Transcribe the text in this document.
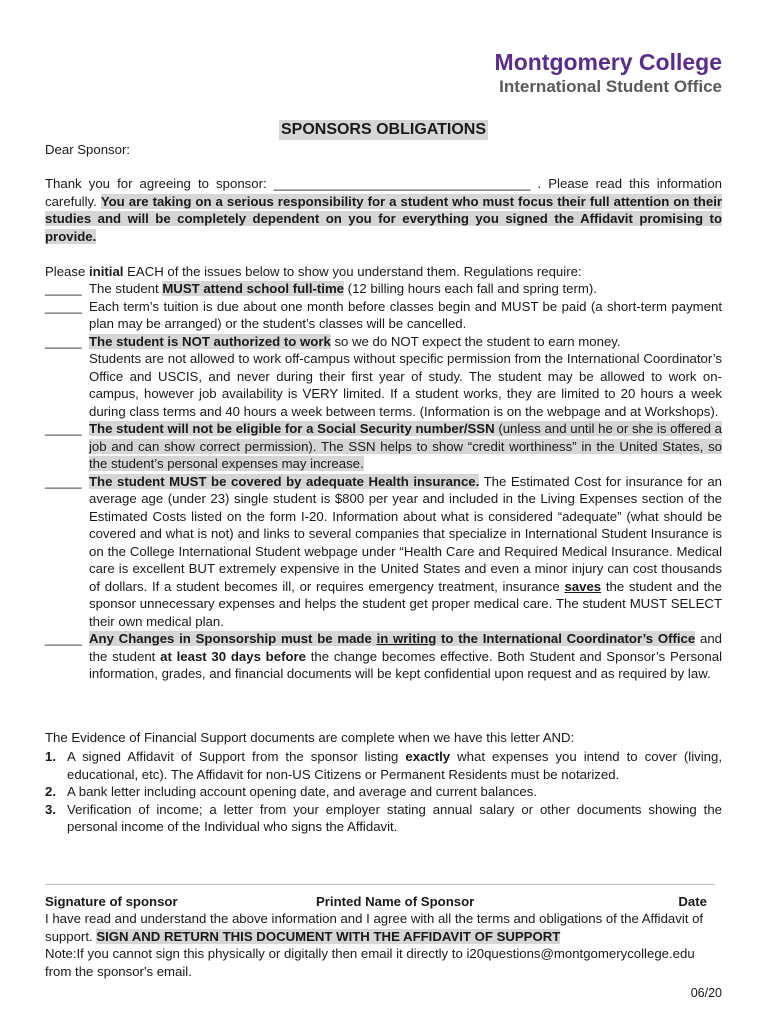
Montgomery College
International Student Office
SPONSORS OBLIGATIONS

Dear Sponsor:

Thank you for agreeing to sponsor: ___________________________________ . Please read this information carefully. You are taking on a serious responsibility for a student who must focus their full attention on their studies and will be completely dependent on you for everything you signed the Affidavit promising to provide.

Please initial EACH of the issues below to show you understand them. Regulations require:

_____ The student MUST attend school full-time (12 billing hours each fall and spring term).
_____ Each term’s tuition is due about one month before classes begin and MUST be paid (a short-term payment plan may be arranged) or the student’s classes will be cancelled.
_____ The student is NOT authorized to work so we do NOT expect the student to earn money.
Students are not allowed to work off-campus without specific permission from the International Coordinator’s Office and USCIS, and never during their first year of study. The student may be allowed to work on-campus, however job availability is VERY limited. If a student works, they are limited to 20 hours a week during class terms and 40 hours a week between terms. (Information is on the webpage and at Workshops).
_____ The student will not be eligible for a Social Security number/SSN (unless and until he or she is offered a job and can show correct permission). The SSN helps to show “credit worthiness” in the United States, so the student’s personal expenses may increase.
_____ The student MUST be covered by adequate Health insurance. The Estimated Cost for insurance for an average age (under 23) single student is $800 per year and included in the Living Expenses section of the Estimated Costs listed on the form I-20. Information about what is considered “adequate” (what should be covered and what is not) and links to several companies that specialize in International Student Insurance is on the College International Student webpage under “Health Care and Required Medical Insurance. Medical care is excellent BUT extremely expensive in the United States and even a minor injury can cost thousands of dollars. If a student becomes ill, or requires emergency treatment, insurance saves the student and the sponsor unnecessary expenses and helps the student get proper medical care. The student MUST SELECT their own medical plan.
_____ Any Changes in Sponsorship must be made in writing to the International Coordinator’s Office and the student at least 30 days before the change becomes effective. Both Student and Sponsor’s Personal information, grades, and financial documents will be kept confidential upon request and as required by law.

The Evidence of Financial Support documents are complete when we have this letter AND:

1. A signed Affidavit of Support from the sponsor listing exactly what expenses you intend to cover (living, educational, etc). The Affidavit for non-US Citizens or Permanent Residents must be notarized.
2. A bank letter including account opening date, and average and current balances.
3. Verification of income; a letter from your employer stating annual salary or other documents showing the personal income of the Individual who signs the Affidavit.
Signature of sponsor	Printed Name of Sponsor	Date

I have read and understand the above information and I agree with all the terms and obligations of the Affidavit of support. SIGN AND RETURN THIS DOCUMENT WITH THE AFFIDAVIT OF SUPPORT

Note:If you cannot sign this physically or digitally then email it directly to i20questions@montgomerycollege.edu from the sponsor's email.

06/20
